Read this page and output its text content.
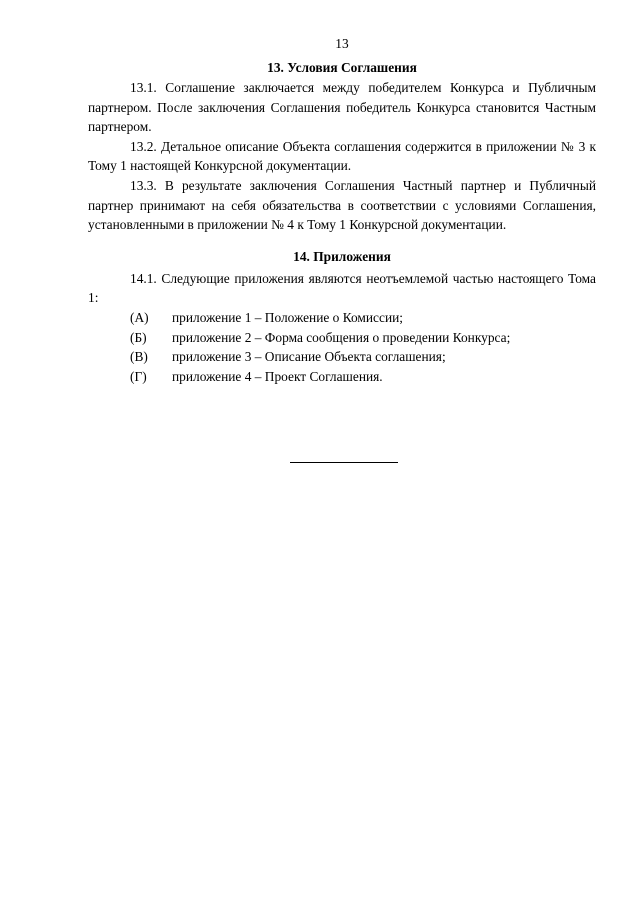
13
13. Условия Соглашения

13.1. Соглашение заключается между победителем Конкурса и Публичным партнером. После заключения Соглашения победитель Конкурса становится Частным партнером.

13.2. Детальное описание Объекта соглашения содержится в приложении № 3 к Тому 1 настоящей Конкурсной документации.

13.3. В результате заключения Соглашения Частный партнер и Публичный партнер принимают на себя обязательства в соответствии с условиями Соглашения, установленными в приложении № 4 к Тому 1 Конкурсной документации.

14. Приложения

14.1. Следующие приложения являются неотъемлемой частью настоящего Тома 1:

(А)	приложение 1 – Положение о Комиссии;
(Б)	приложение 2 – Форма сообщения о проведении Конкурса;
(В)	приложение 3 – Описание Объекта соглашения;
(Г)	приложение 4 – Проект Соглашения.
